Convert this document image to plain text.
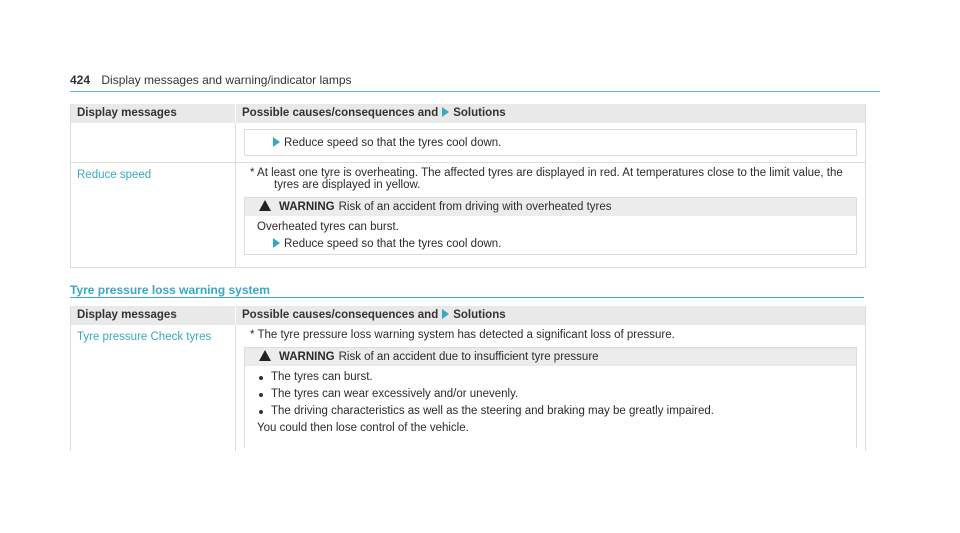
424 Display messages and warning/indicator lamps
Display messages	Possible causes/consequences and Solutions
Reduce speed so that the tyres cool down.
Reduce speed	* At least one tyre is overheating. The affected tyres are displayed in red. At temperatures close to the limit value, the
tyres are displayed in yellow.
WARNING Risk of an accident from driving with overheated tyres
Overheated tyres can burst.
Reduce speed so that the tyres cool down.
Tyre pressure loss warning system
Display messages	Possible causes/consequences and Solutions
Tyre pressure Check tyres	* The tyre pressure loss warning system has detected a significant loss of pressure.
WARNING Risk of an accident due to insufficient tyre pressure
The tyres can burst.
The tyres can wear excessively and/or unevenly.
The driving characteristics as well as the steering and braking may be greatly impaired.
You could then lose control of the vehicle.
